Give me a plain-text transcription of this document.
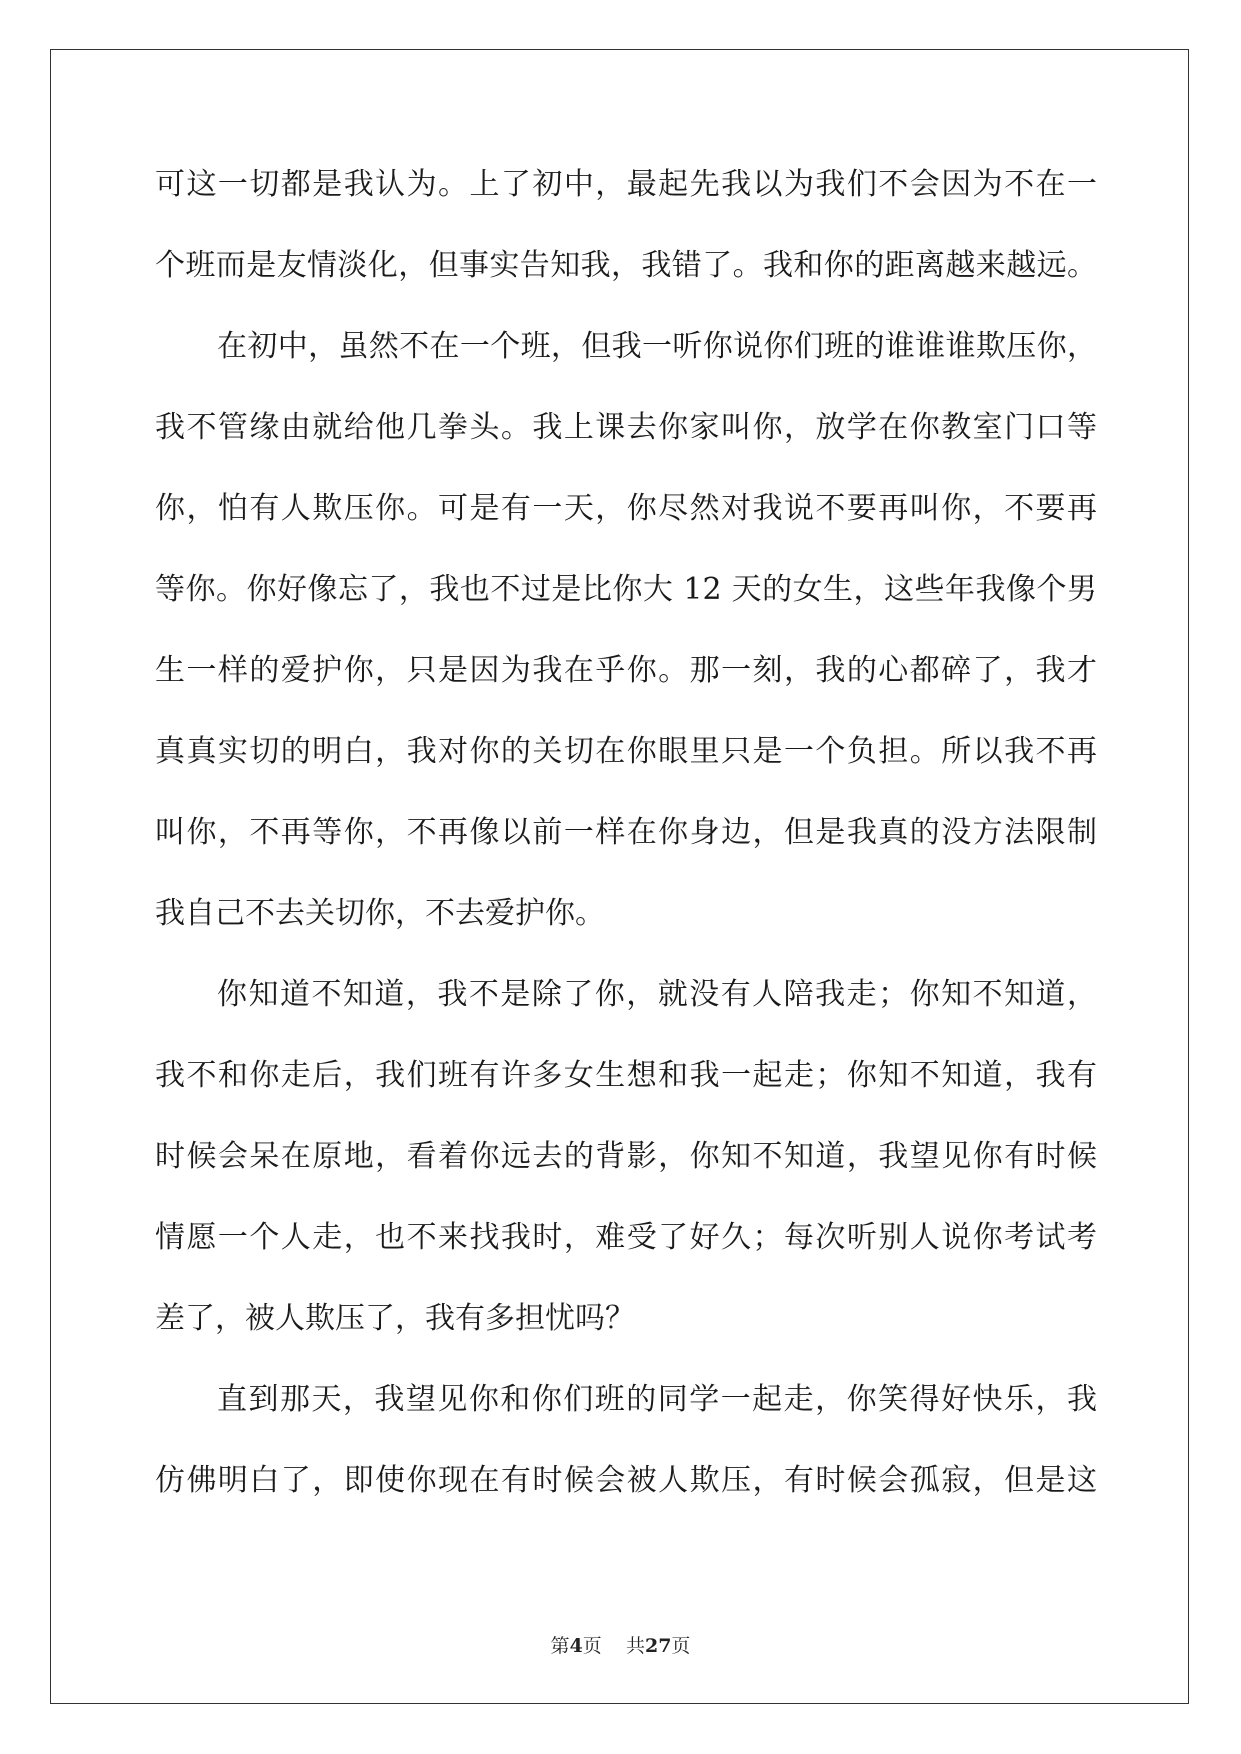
可这一切都是我认为。上了初中，最起先我以为我们不会因为不在一
个班而是友情淡化，但事实告知我，我错了。我和你的距离越来越远。
在初中，虽然不在一个班，但我一听你说你们班的谁谁谁欺压你，
我不管缘由就给他几拳头。我上课去你家叫你，放学在你教室门口等
你，怕有人欺压你。可是有一天，你尽然对我说不要再叫你，不要再
等你。你好像忘了，我也不过是比你大 12 天的女生，这些年我像个男
生一样的爱护你，只是因为我在乎你。那一刻，我的心都碎了，我才
真真实切的明白，我对你的关切在你眼里只是一个负担。所以我不再
叫你，不再等你，不再像以前一样在你身边，但是我真的没方法限制
我自己不去关切你，不去爱护你。
你知道不知道，我不是除了你，就没有人陪我走；你知不知道，
我不和你走后，我们班有许多女生想和我一起走；你知不知道，我有
时候会呆在原地，看着你远去的背影，你知不知道，我望见你有时候
情愿一个人走，也不来找我时，难受了好久；每次听别人说你考试考
差了，被人欺压了，我有多担忧吗？
直到那天，我望见你和你们班的同学一起走，你笑得好快乐，我
仿佛明白了，即使你现在有时候会被人欺压，有时候会孤寂，但是这
第4页    共27页
